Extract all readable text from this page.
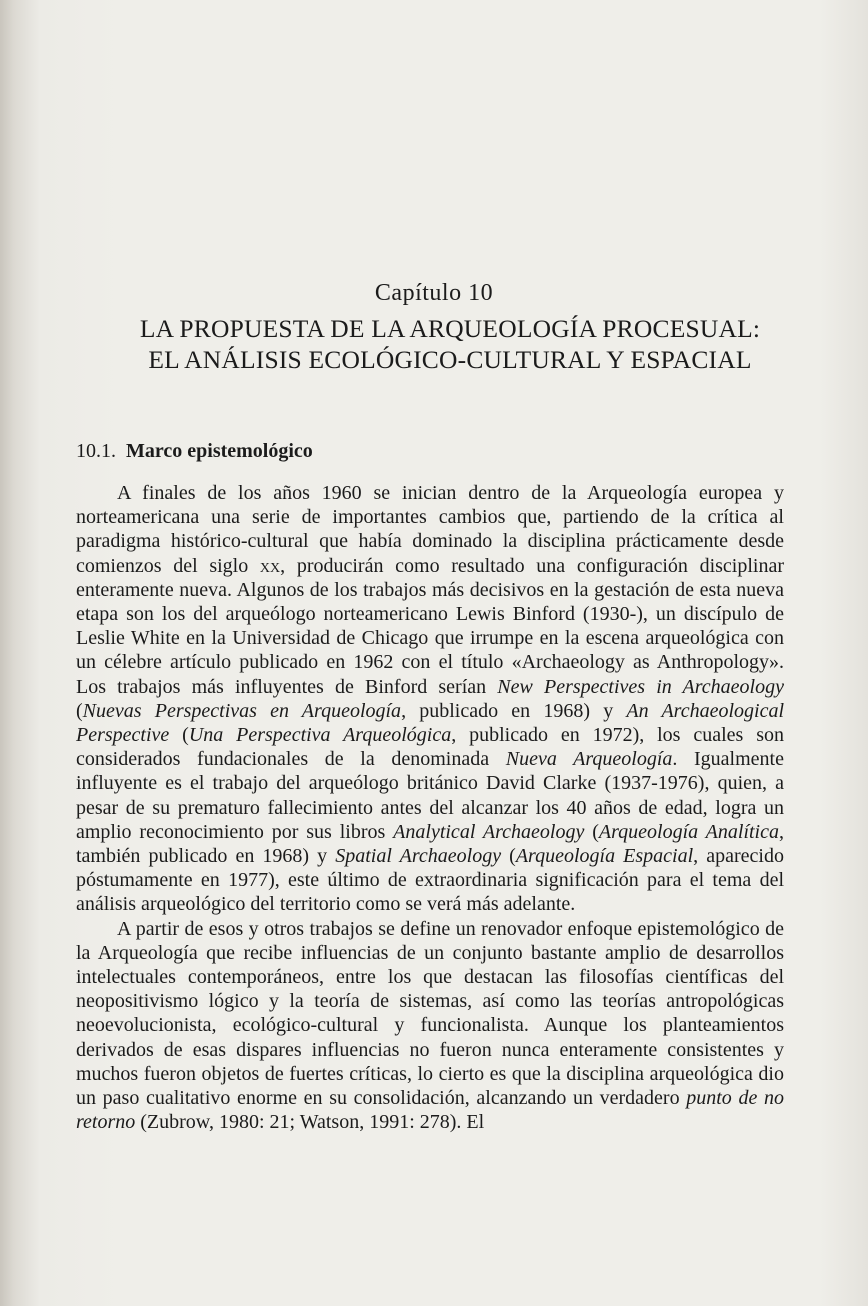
Capítulo 10
LA PROPUESTA DE LA ARQUEOLOGÍA PROCESUAL:
EL ANÁLISIS ECOLÓGICO-CULTURAL Y ESPACIAL
10.1. Marco epistemológico

A finales de los años 1960 se inician dentro de la Arqueología europea y norteamericana una serie de importantes cambios que, partiendo de la crítica al paradigma histórico-cultural que había dominado la disciplina prácticamente desde comienzos del siglo xx, producirán como resultado una configuración disciplinar enteramente nueva. Algunos de los trabajos más decisivos en la gestación de esta nueva etapa son los del arqueólogo norteamericano Lewis Binford (1930-), un discípulo de Leslie White en la Universidad de Chicago que irrumpe en la escena arqueológica con un célebre artículo publicado en 1962 con el título «Archaeology as Anthropology». Los trabajos más influyentes de Binford serían New Perspectives in Archaeology (Nuevas Perspectivas en Arqueología, publicado en 1968) y An Archaeological Perspective (Una Perspectiva Arqueológica, publicado en 1972), los cuales son considerados fundacionales de la denominada Nueva Arqueología. Igualmente influyente es el trabajo del arqueólogo británico David Clarke (1937-1976), quien, a pesar de su prematuro fallecimiento antes del alcanzar los 40 años de edad, logra un amplio reconocimiento por sus libros Analytical Archaeology (Arqueología Analítica, también publicado en 1968) y Spatial Archaeology (Arqueología Espacial, aparecido póstumamente en 1977), este último de extraordinaria significación para el tema del análisis arqueológico del territorio como se verá más adelante.

A partir de esos y otros trabajos se define un renovador enfoque epistemológico de la Arqueología que recibe influencias de un conjunto bastante amplio de desarrollos intelectuales contemporáneos, entre los que destacan las filosofías científicas del neopositivismo lógico y la teoría de sistemas, así como las teorías antropológicas neoevolucionista, ecológico-cultural y funcionalista. Aunque los planteamientos derivados de esas dispares influencias no fueron nunca enteramente consistentes y muchos fueron objetos de fuertes críticas, lo cierto es que la disciplina arqueológica dio un paso cualitativo enorme en su consolidación, alcanzando un verdadero punto de no retorno (Zubrow, 1980: 21; Watson, 1991: 278). El
